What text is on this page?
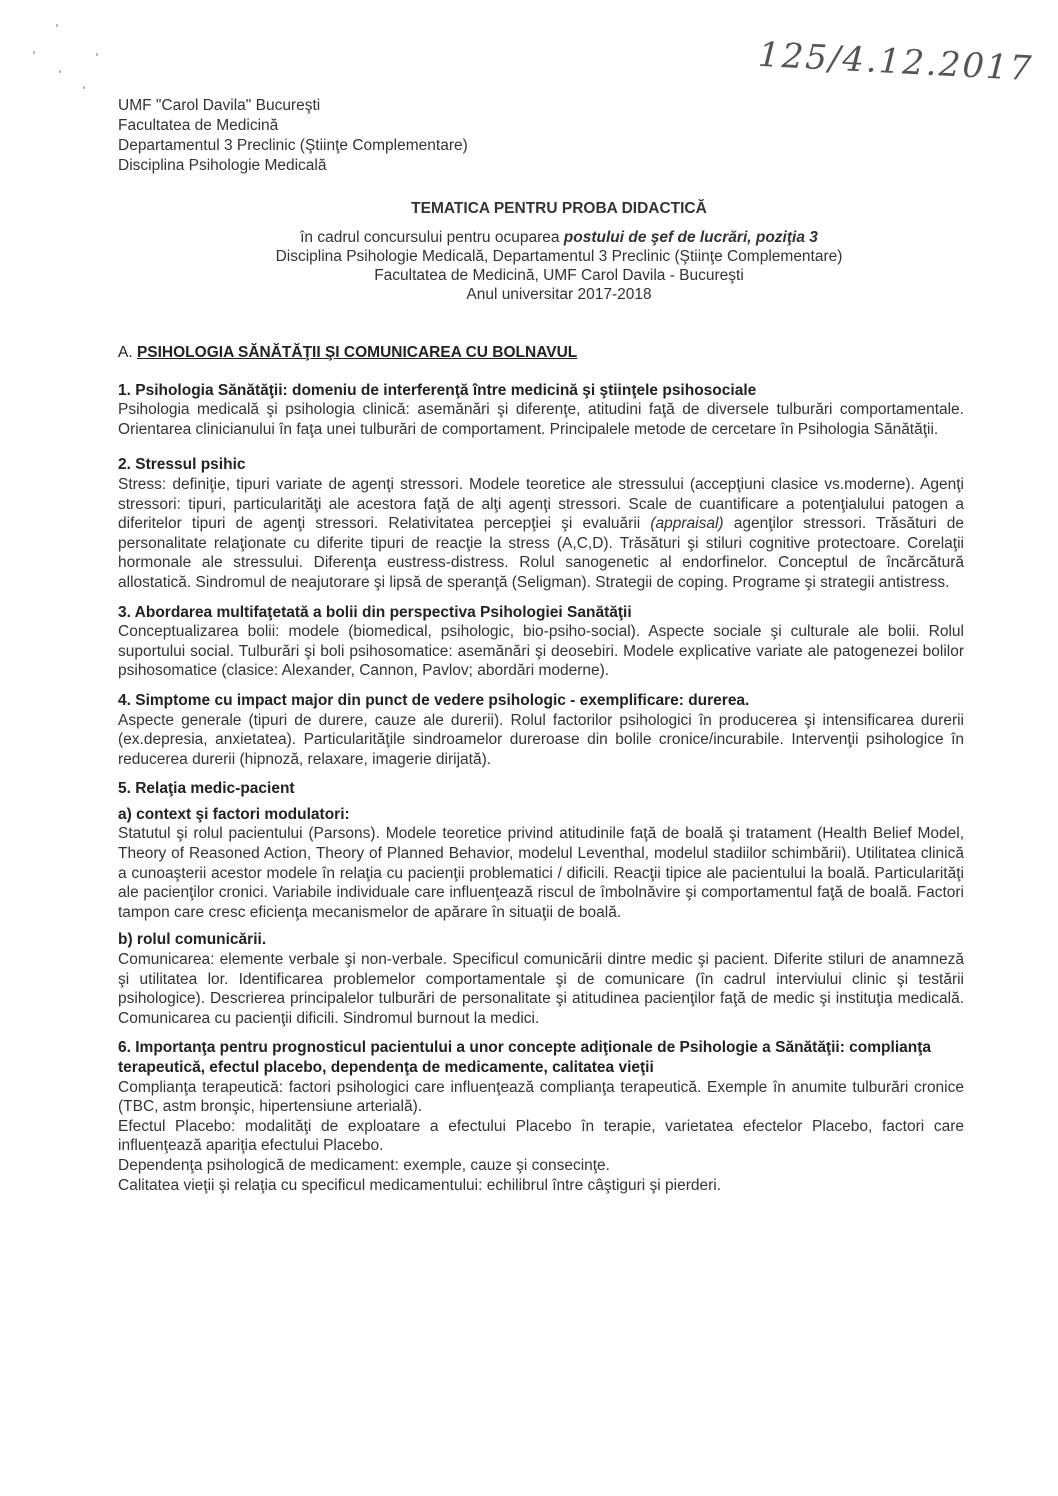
125/4.12.2017
UMF "Carol Davila" Bucureşti
Facultatea de Medicină
Departamentul 3 Preclinic (Ştiinţe Complementare)
Disciplina Psihologie Medicală
TEMATICA PENTRU PROBA DIDACTICĂ
în cadrul concursului pentru ocuparea postului de şef de lucrări, poziţia 3
Disciplina Psihologie Medicală, Departamentul 3 Preclinic (Ştiinţe Complementare)
Facultatea de Medicină, UMF Carol Davila - Bucureşti
Anul universitar 2017-2018
A. PSIHOLOGIA SĂNĂTĂŢII ŞI COMUNICAREA CU BOLNAVUL
1. Psihologia Sănătăţii: domeniu de interferenţă între medicină şi ştiinţele psihosociale

Psihologia medicală şi psihologia clinică: asemănări şi diferenţe, atitudini faţă de diversele tulburări comportamentale. Orientarea clinicianului în faţa unei tulburări de comportament. Principalele metode de cercetare în Psihologia Sănătăţii.

2. Stressul psihic

Stress: definiţie, tipuri variate de agenţi stressori. Modele teoretice ale stressului (accepţiuni clasice vs.moderne). Agenţi stressori: tipuri, particularităţi ale acestora faţă de alţi agenţi stressori. Scale de cuantificare a potenţialului patogen a diferitelor tipuri de agenţi stressori. Relativitatea percepţiei şi evaluării (appraisal) agenţilor stressori. Trăsături de personalitate relaţionate cu diferite tipuri de reacţie la stress (A,C,D). Trăsături şi stiluri cognitive protectoare. Corelaţii hormonale ale stressului. Diferenţa eustress-distress. Rolul sanogenetic al endorfinelor. Conceptul de încărcătură allostatică. Sindromul de neajutorare şi lipsă de speranţă (Seligman). Strategii de coping. Programe şi strategii antistress.

3. Abordarea multifaţetată a bolii din perspectiva Psihologiei Sanătăţii

Conceptualizarea bolii: modele (biomedical, psihologic, bio-psiho-social). Aspecte sociale şi culturale ale bolii. Rolul suportului social. Tulburări şi boli psihosomatice: asemănări şi deosebiri. Modele explicative variate ale patogenezei bolilor psihosomatice (clasice: Alexander, Cannon, Pavlov; abordări moderne).

4. Simptome cu impact major din punct de vedere psihologic - exemplificare: durerea.

Aspecte generale (tipuri de durere, cauze ale durerii). Rolul factorilor psihologici în producerea şi intensificarea durerii (ex.depresia, anxietatea). Particularităţile sindroamelor dureroase din bolile cronice/incurabile. Intervenţii psihologice în reducerea durerii (hipnoză, relaxare, imagerie dirijată).

5. Relaţia medic-pacient
a) context şi factori modulatori:

Statutul şi rolul pacientului (Parsons). Modele teoretice privind atitudinile faţă de boală şi tratament (Health Belief Model, Theory of Reasoned Action, Theory of Planned Behavior, modelul Leventhal, modelul stadiilor schimbării). Utilitatea clinică a cunoaşterii acestor modele în relaţia cu pacienţii problematici / dificili. Reacţii tipice ale pacientului la boală. Particularităţi ale pacienţilor cronici. Variabile individuale care influenţează riscul de îmbolnăvire şi comportamentul faţă de boală. Factori tampon care cresc eficienţa mecanismelor de apărare în situaţii de boală.

b) rolul comunicării.

Comunicarea: elemente verbale şi non-verbale. Specificul comunicării dintre medic şi pacient. Diferite stiluri de anamneză şi utilitatea lor. Identificarea problemelor comportamentale şi de comunicare (în cadrul interviului clinic şi testării psihologice). Descrierea principalelor tulburări de personalitate şi atitudinea pacienţilor faţă de medic şi instituţia medicală. Comunicarea cu pacienţii dificili. Sindromul burnout la medici.

6. Importanţa pentru prognosticul pacientului a unor concepte adiţionale de Psihologie a Sănătăţii: complianţa terapeutică, efectul placebo, dependenţa de medicamente, calitatea vieţii

Complianţa terapeutică: factori psihologici care influenţează complianţa terapeutică. Exemple în anumite tulburări cronice (TBC, astm bronşic, hipertensiune arterială).

Efectul Placebo: modalităţi de exploatare a efectului Placebo în terapie, varietatea efectelor Placebo, factori care influenţează apariţia efectului Placebo.

Dependenţa psihologică de medicament: exemple, cauze şi consecinţe.

Calitatea vieţii şi relaţia cu specificul medicamentului: echilibrul între câştiguri şi pierderi.
